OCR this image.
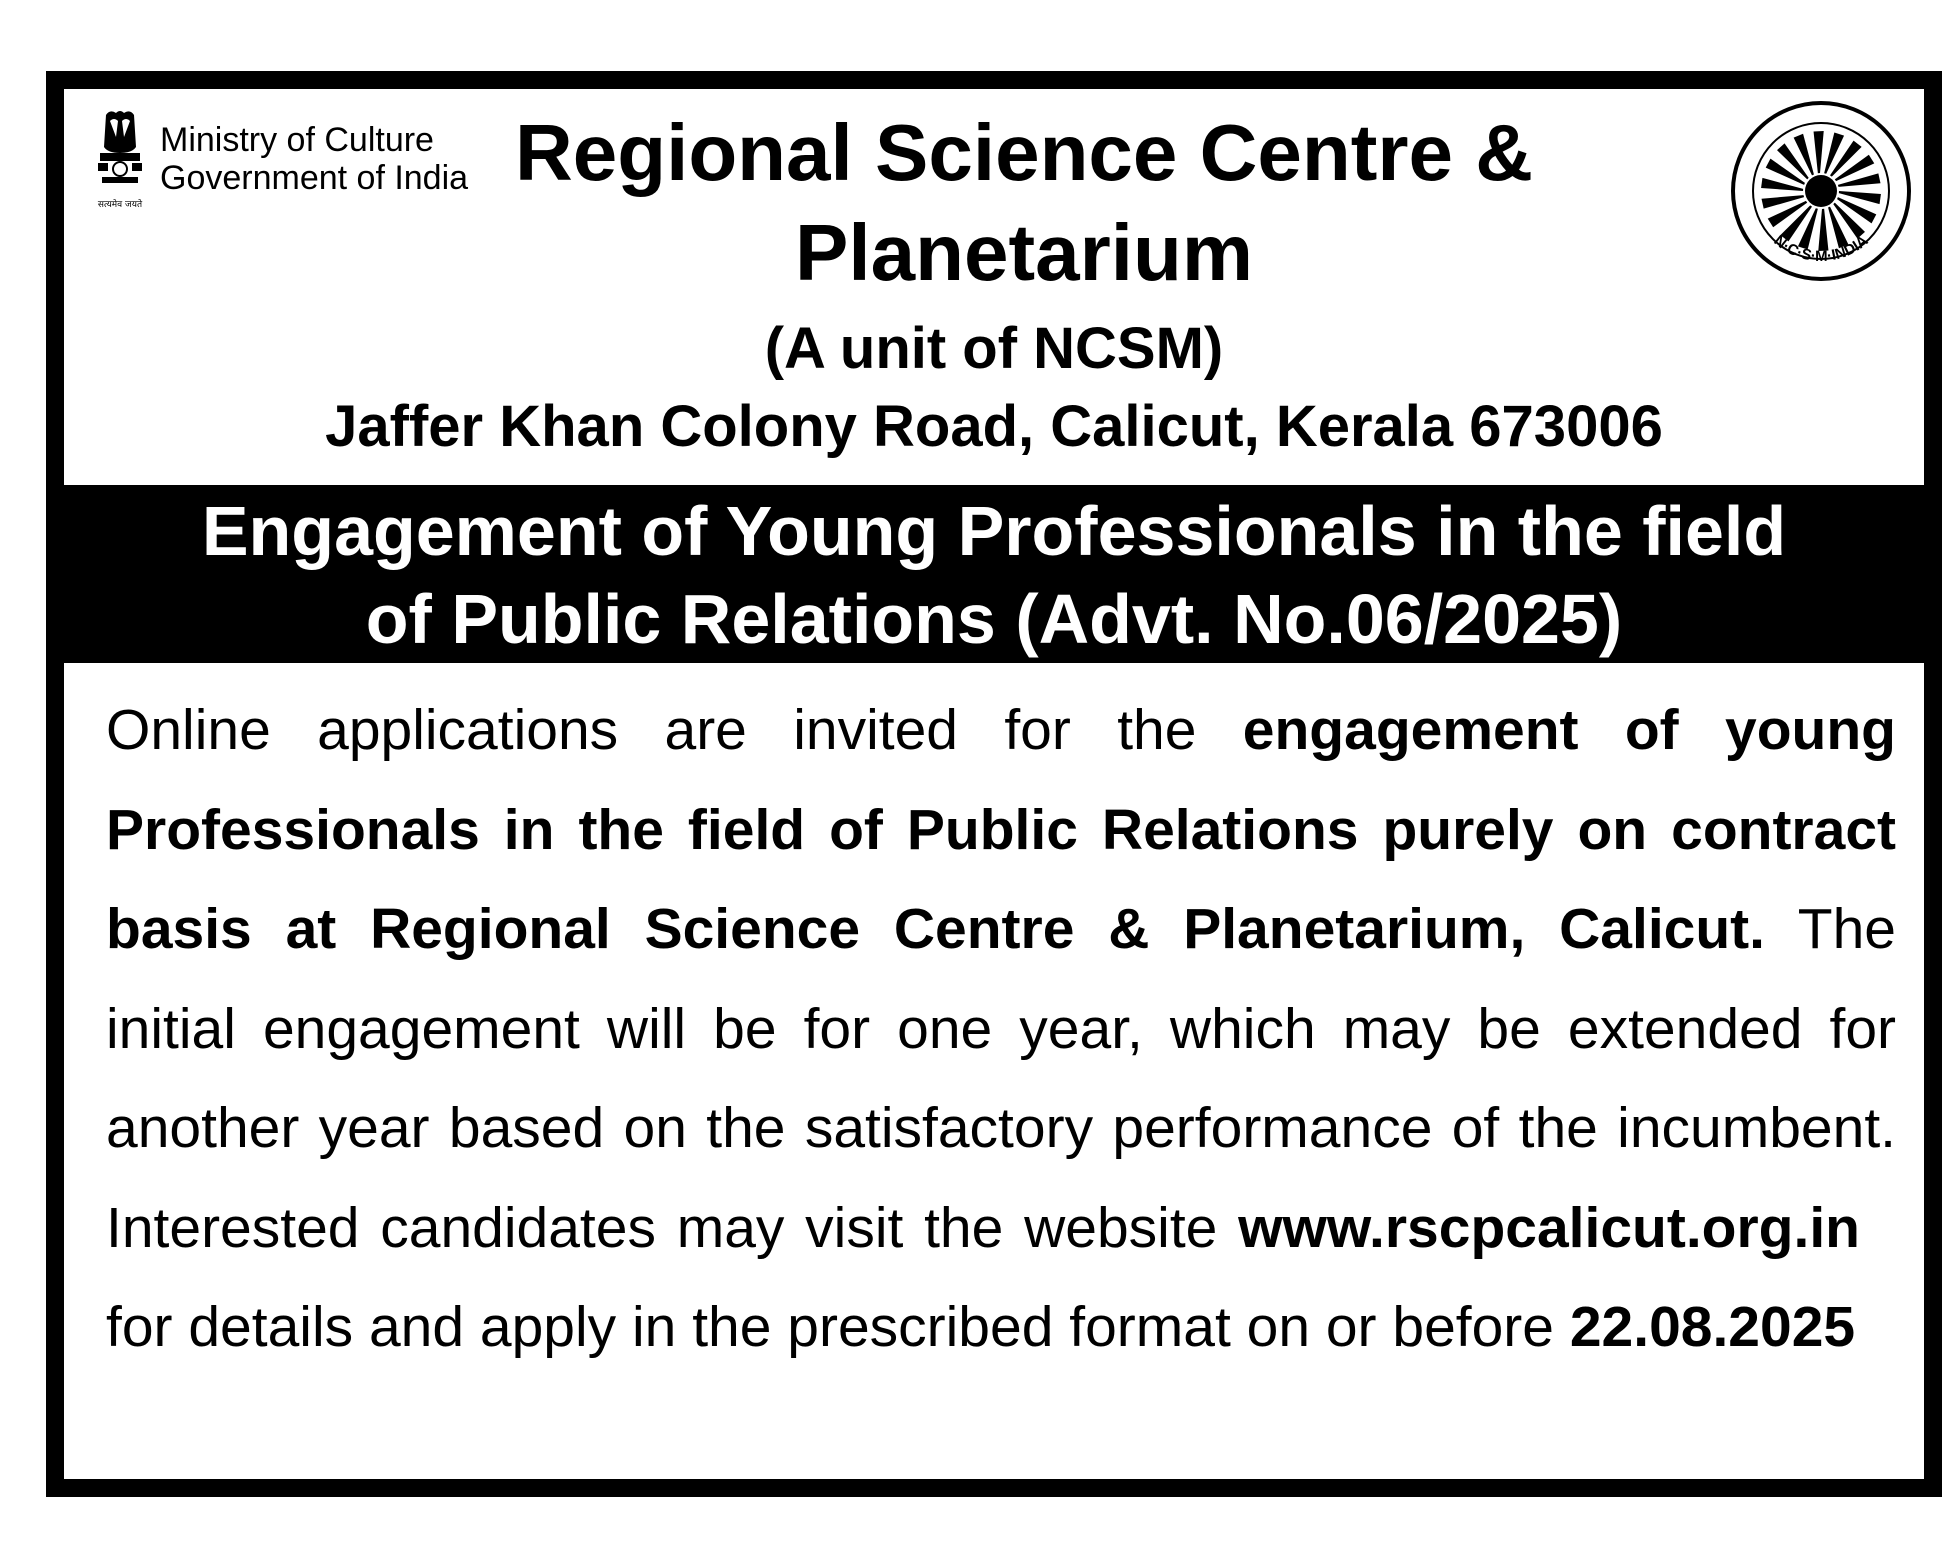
सत्यमेव जयते
Ministry of Culture
Government of India Regional Science Centre &
Planetarium	N·C·S·M·INDIA
(A unit of NCSM)
Jaffer Khan Colony Road, Calicut, Kerala 673006
Engagement of Young Professionals in the field
of Public Relations (Advt. No.06/2025)
Online applications are invited for the engagement of young Professionals in the field of Public Relations purely on contract basis at Regional Science Centre & Planetarium, Calicut. The initial engagement will be for one year, which may be extended for another year based on the satisfactory performance of the incumbent. Interested candidates may visit the website www.rscpcalicut.org.infor details and apply in the prescribed format on or before 22.08.2025
